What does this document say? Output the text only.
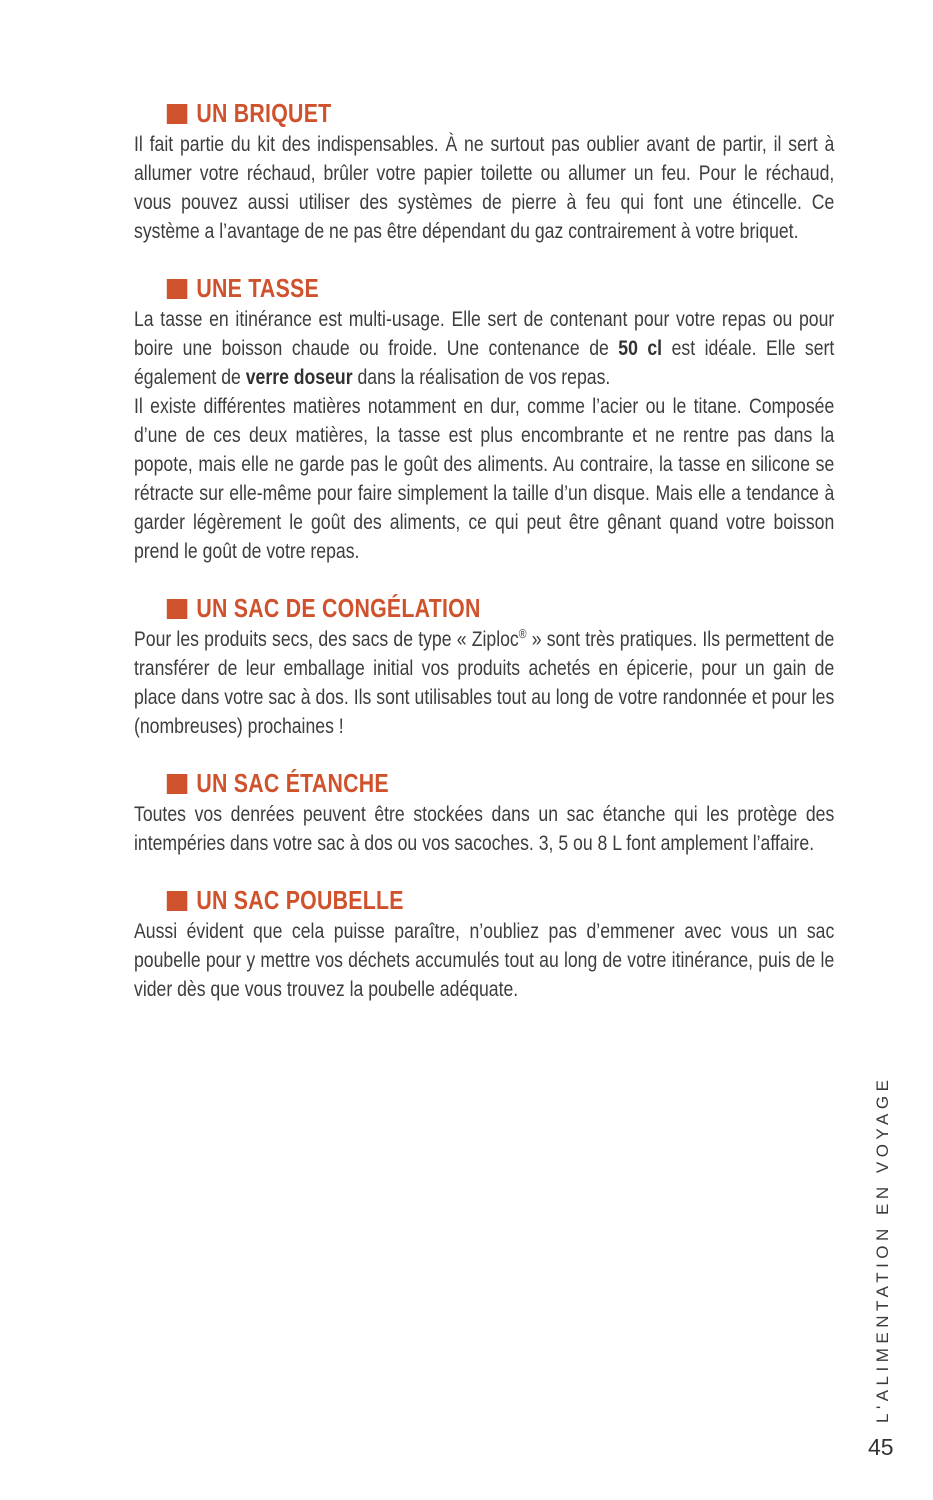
UN BRIQUET

Il fait partie du kit des indispensables. À ne surtout pas oublier avant de partir, il sert à allumer votre réchaud, brûler votre papier toilette ou allumer un feu. Pour le réchaud, vous pouvez aussi utiliser des systèmes de pierre à feu qui font une étincelle. Ce système a l’avantage de ne pas être dépendant du gaz contrairement à votre briquet.

UNE TASSE

La tasse en itinérance est multi-usage. Elle sert de contenant pour votre repas ou pour boire une boisson chaude ou froide. Une contenance de 50 cl est idéale. Elle sert également de verre doseur dans la réalisation de vos repas.

Il existe différentes matières notamment en dur, comme l’acier ou le titane. Composée d’une de ces deux matières, la tasse est plus encombrante et ne rentre pas dans la popote, mais elle ne garde pas le goût des aliments. Au contraire, la tasse en silicone se rétracte sur elle-même pour faire simplement la taille d’un disque. Mais elle a tendance à garder légèrement le goût des aliments, ce qui peut être gênant quand votre boisson prend le goût de votre repas.

UN SAC DE CONGÉLATION

Pour les produits secs, des sacs de type « Ziploc® » sont très pratiques. Ils permettent de transférer de leur emballage initial vos produits achetés en épicerie, pour un gain de place dans votre sac à dos. Ils sont utilisables tout au long de votre randonnée et pour les (nombreuses) prochaines !

UN SAC ÉTANCHE

Toutes vos denrées peuvent être stockées dans un sac étanche qui les protège des intempéries dans votre sac à dos ou vos sacoches. 3, 5 ou 8 L font amplement l’affaire.

UN SAC POUBELLE

Aussi évident que cela puisse paraître, n’oubliez pas d’emmener avec vous un sac poubelle pour y mettre vos déchets accumulés tout au long de votre itinérance, puis de le vider dès que vous trouvez la poubelle adéquate.

L'ALIMENTATION EN VOYAGE
45
